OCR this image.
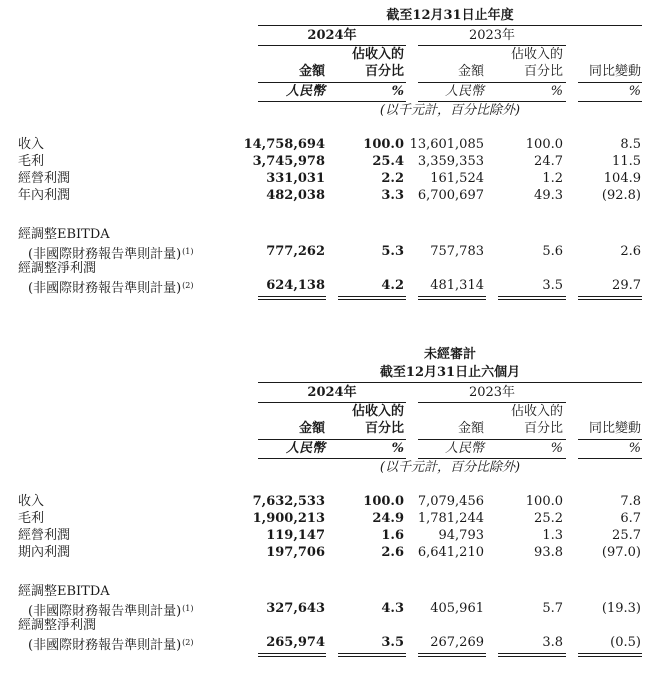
截至12月31日止年度
2024年	2023年
佔收入的	佔收入的
金額	百分比	金額	百分比	同比變動
人民幣	%	人民幣	%	%
(以千元計，百分比除外)
收入	14,758,694	100.0 13,601,085	100.0	8.5
毛利	3,745,978	25.4	3,359,353	24.7	11.5
經營利潤	331,031	2.2	161,524	1.2	104.9
年內利潤	482,038	3.3	6,700,697	49.3	(92.8)
經調整EBITDA
(非國際財務報告準則計量)$^{(1)}$	777,262	5.3	757,783	5.6	2.6
經調整淨利潤
(非國際財務報告準則計量)$^{(2)}$	624,138	4.2	481,314	3.5	29.7
未經審計
截至12月31日止六個月
2024年	2023年
佔收入的	佔收入的
金額	百分比	金額	百分比	同比變動
人民幣	%	人民幣	%	%
(以千元計，百分比除外)
收入	7,632,533	100.0	7,079,456	100.0	7.8
毛利	1,900,213	24.9	1,781,244	25.2	6.7
經營利潤	119,147	1.6	94,793	1.3	25.7
期內利潤	197,706	2.6	6,641,210	93.8	(97.0)
經調整EBITDA
(非國際財務報告準則計量)$^{(1)}$	327,643	4.3	405,961	5.7	(19.3)
經調整淨利潤
(非國際財務報告準則計量)$^{(2)}$	265,974	3.5	267,269	3.8	(0.5)
